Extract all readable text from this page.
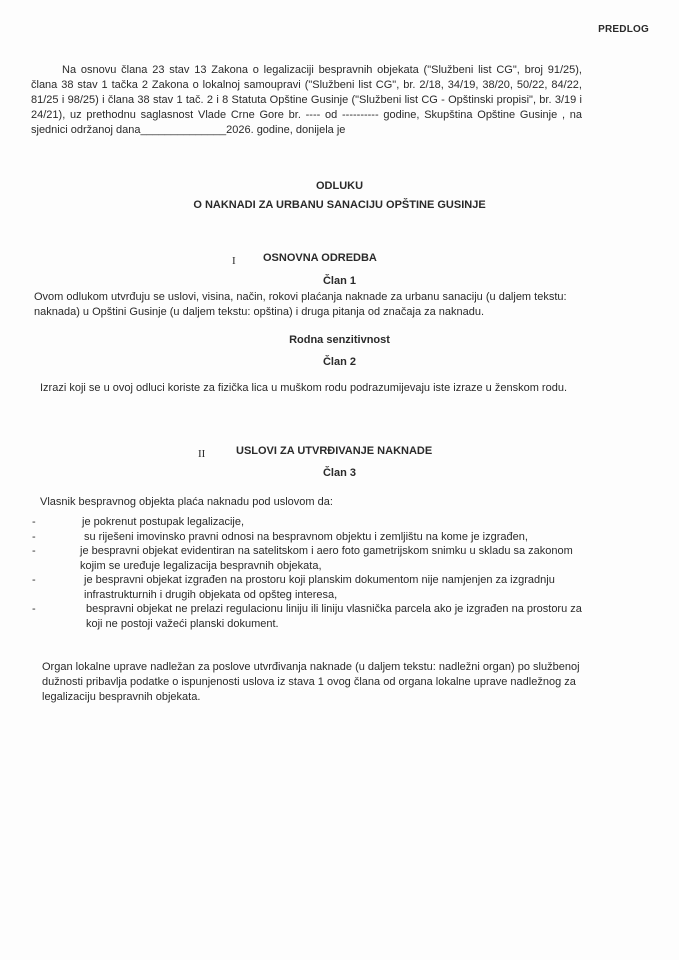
PREDLOG

Na osnovu člana 23 stav 13 Zakona o legalizaciji bespravnih objekata ("Službeni list CG", broj 91/25), člana 38 stav 1 tačka 2 Zakona o lokalnoj samoupravi ("Službeni list CG", br. 2/18, 34/19, 38/20, 50/22, 84/22, 81/25 i 98/25) i člana 38 stav 1 tač. 2 i 8 Statuta Opštine Gusinje ("Službeni list CG - Opštinski propisi", br. 3/19 i 24/21), uz prethodnu saglasnost Vlade Crne Gore br. ---- od ---------- godine, Skupština Opštine Gusinje , na sjednici održanoj dana______________2026. godine, donijela je

ODLUKU
O NAKNADI ZA URBANU SANACIJU OPŠTINE GUSINJE
I OSNOVNA ODREDBA
Član 1

Ovom odlukom utvrđuju se uslovi, visina, način, rokovi plaćanja naknade za urbanu sanaciju (u daljem tekstu: naknada) u Opštini Gusinje (u daljem tekstu: opština) i druga pitanja od značaja za naknadu.

Rodna senzitivnost
Član 2

Izrazi koji se u ovoj odluci koriste za fizička lica u muškom rodu podrazumijevaju iste izraze u ženskom rodu.

II	USLOVI ZA UTVRĐIVANJE NAKNADE
Član 3

Vlasnik bespravnog objekta plaća naknadu pod uslovom da:

-	je pokrenut postupak legalizacije,
-	su riješeni imovinsko pravni odnosi na bespravnom objektu i zemljištu na kome je izgrađen,
-	je bespravni objekat evidentiran na satelitskom i aero foto gametrijskom snimku u skladu sa zakonom kojim se uređuje legalizacija bespravnih objekata,
-	je bespravni objekat izgrađen na prostoru koji planskim dokumentom nije namjenjen za izgradnju infrastrukturnih i drugih objekata od opšteg interesa,
-	bespravni objekat ne prelazi regulacionu liniju ili liniju vlasnička parcela ako je izgrađen na prostoru za koji ne postoji važeći planski dokument.

Organ lokalne uprave nadležan za poslove utvrđivanja naknade (u daljem tekstu: nadležni organ) po službenoj dužnosti pribavlja podatke o ispunjenosti uslova iz stava 1 ovog člana od organa lokalne uprave nadležnog za legalizaciju bespravnih objekata.
